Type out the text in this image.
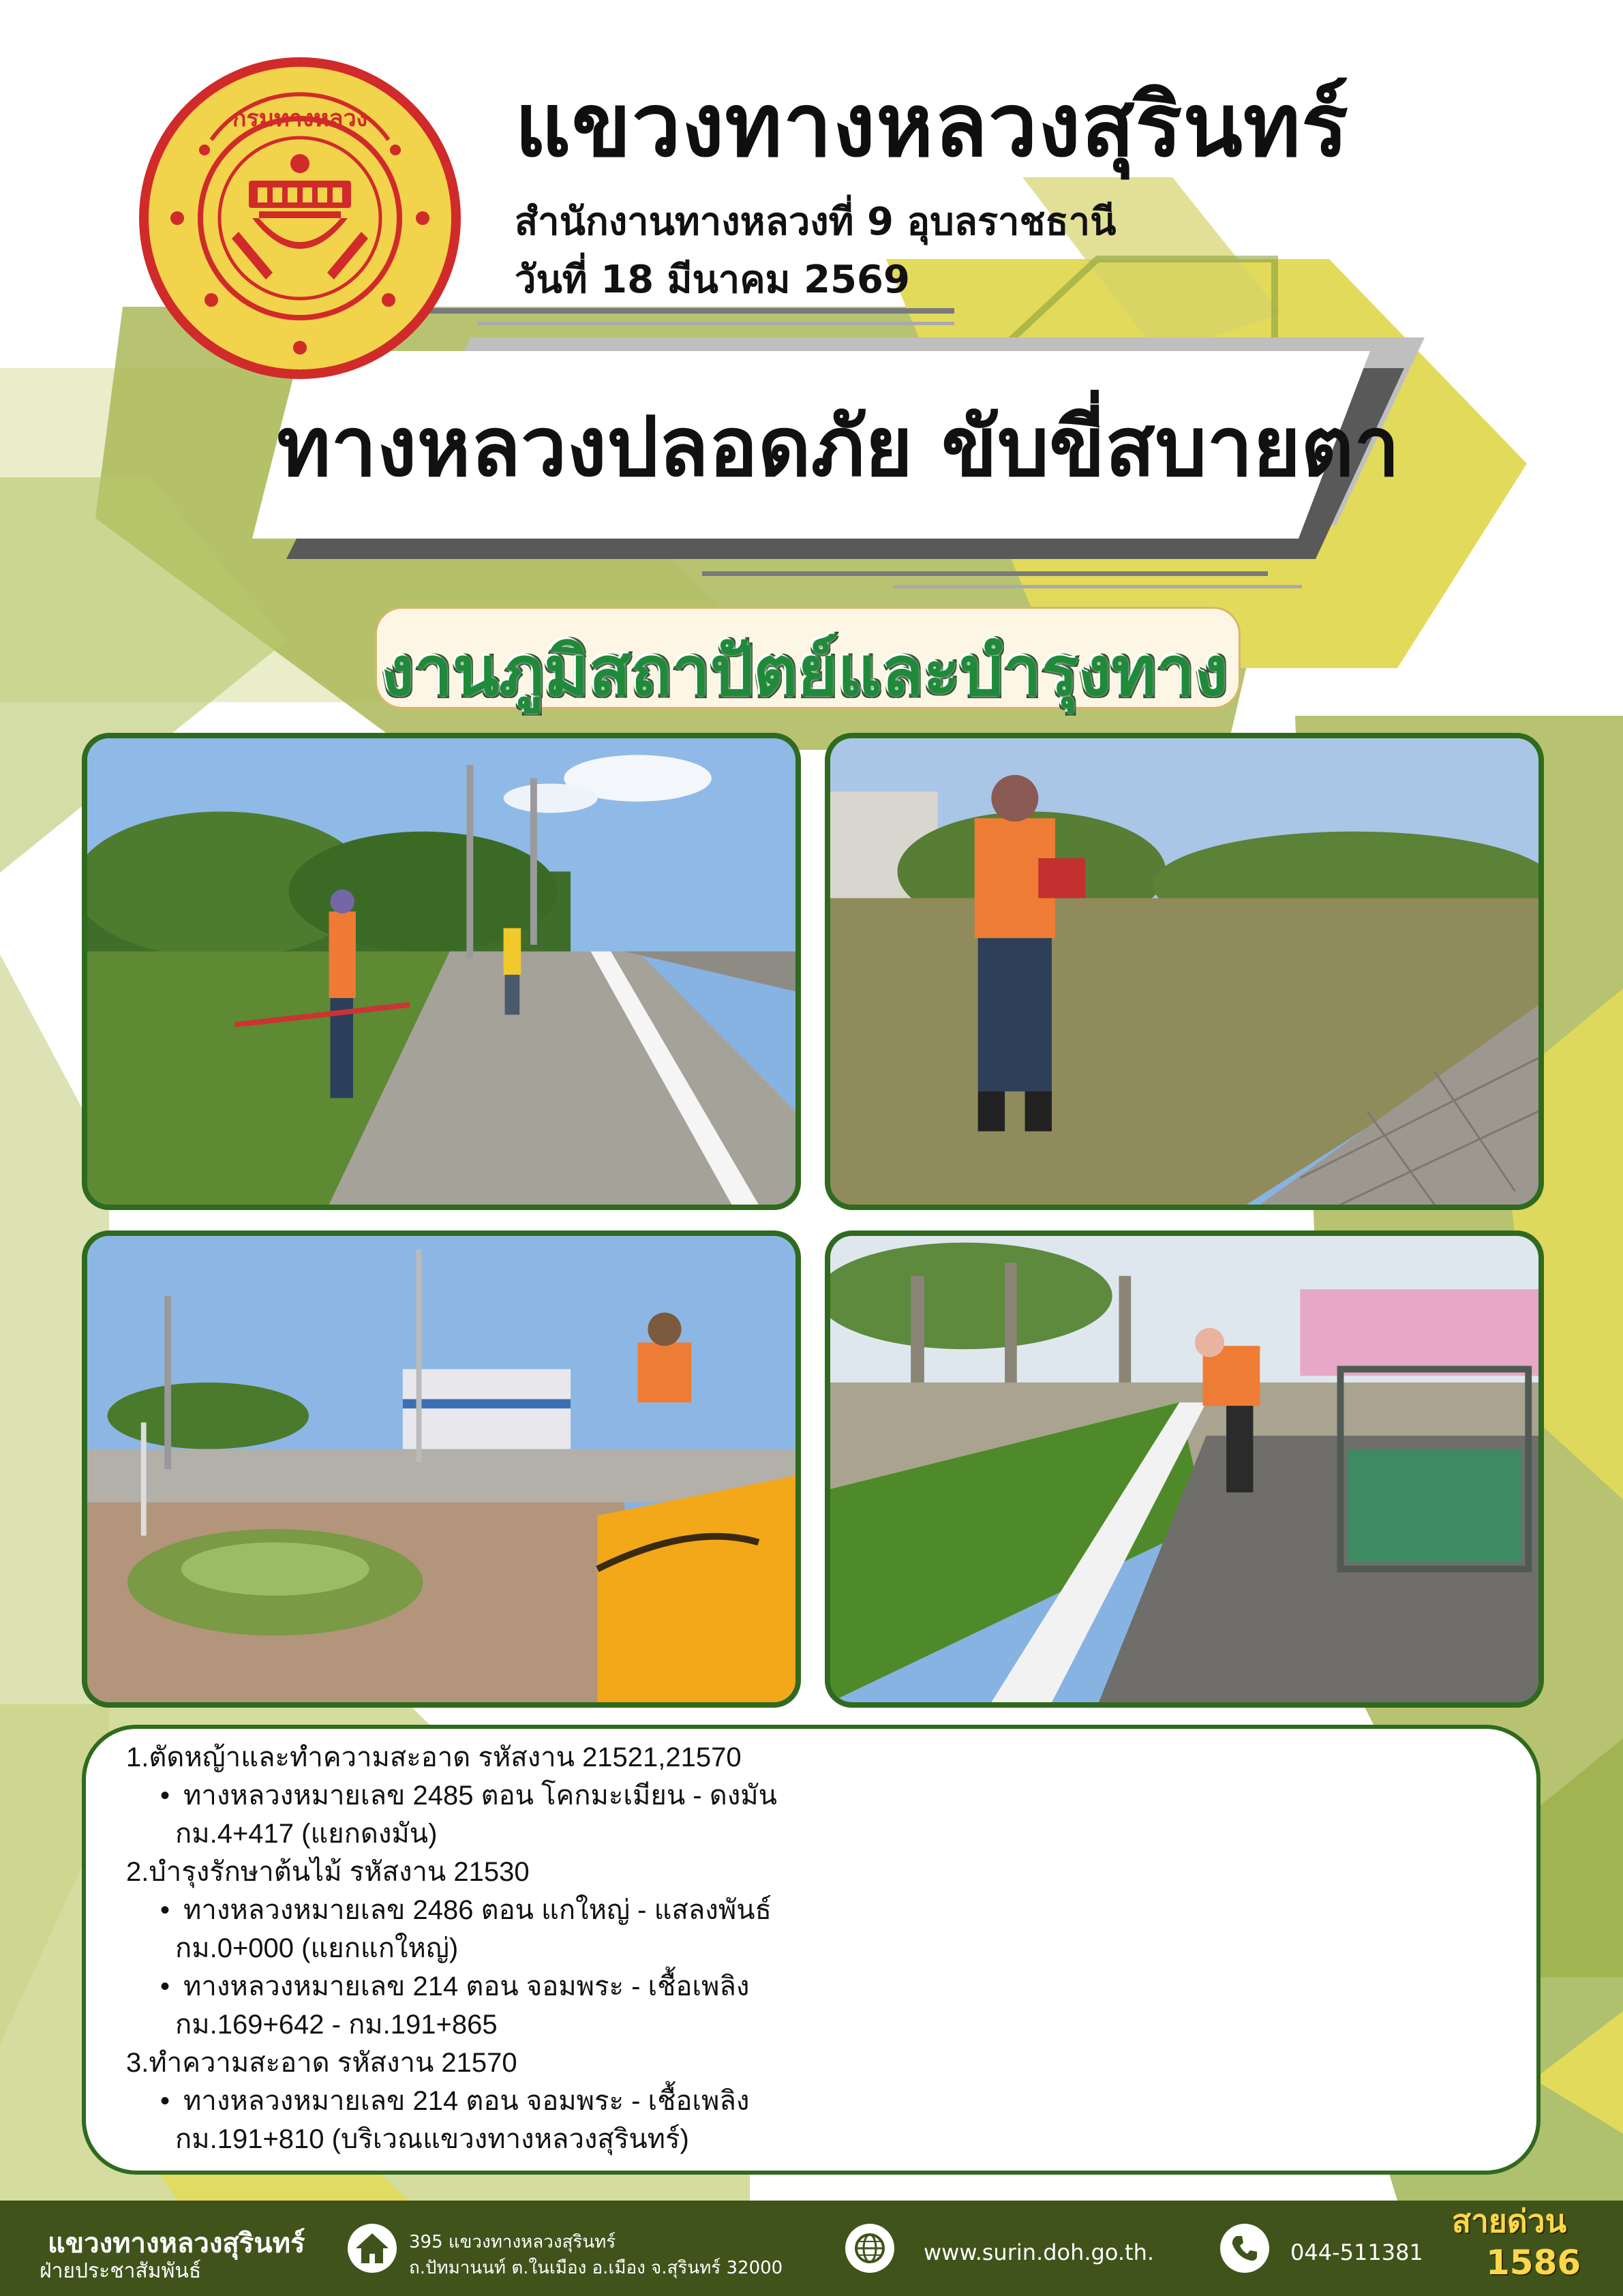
กรมทางหลวง แขวงทางหลวงสุรินทร์
สำนักงานทางหลวงที่ 9 อุบลราชธานี
วันที่ 18 มีนาคม 2569
ทางหลวงปลอดภัย ขับขี่สบายตา
งานภูมิสถาปัตย์และบำรุงทาง
1.ตัดหญ้าและทำความสะอาด รหัสงาน 21521,21570
• ทางหลวงหมายเลข 2485 ตอน โคกมะเมียน - ดงมัน
กม.4+417 (แยกดงมัน)
2.บำรุงรักษาต้นไม้ รหัสงาน 21530
• ทางหลวงหมายเลข 2486 ตอน แกใหญ่ - แสลงพันธ์
กม.0+000 (แยกแกใหญ่)
• ทางหลวงหมายเลข 214 ตอน จอมพระ - เชื้อเพลิง
กม.169+642 - กม.191+865
3.ทำความสะอาด รหัสงาน 21570
• ทางหลวงหมายเลข 214 ตอน จอมพระ - เชื้อเพลิง
กม.191+810 (บริเวณแขวงทางหลวงสุรินทร์)
แขวงทางหลวงสุรินทร์
ฝ่ายประชาสัมพันธ์
395 แขวงทางหลวงสุรินทร์
ถ.ปัทมานนท์ ต.ในเมือง อ.เมือง จ.สุรินทร์ 32000
www.surin.doh.go.th.	044-511381
สายด่วน
1586
